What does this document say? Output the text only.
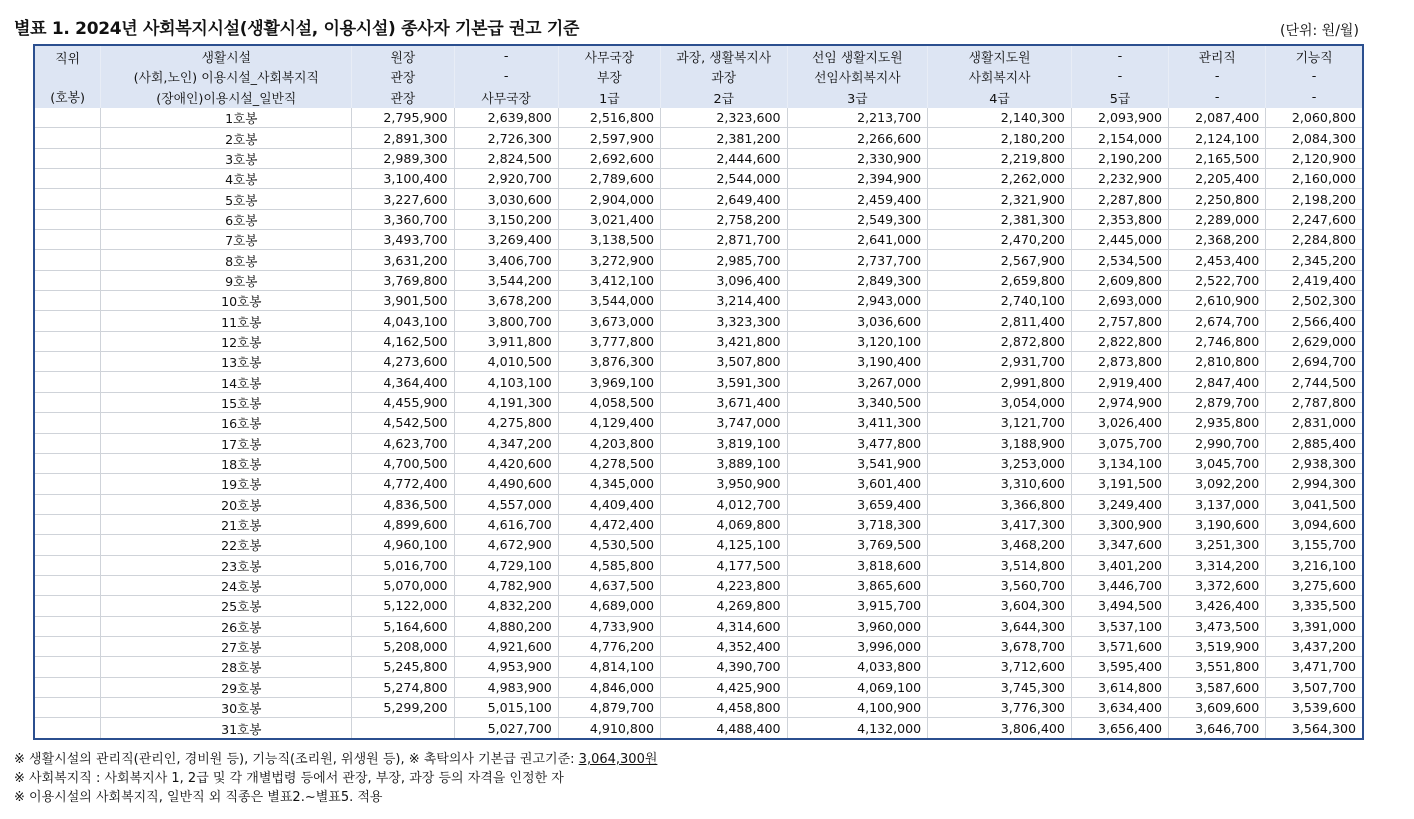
별표 1. 2024년 사회복지시설(생활시설, 이용시설) 종사자 기본급 권고 기준	(단위: 원/월)
직위	생활시설	원장	-	사무국장	과장, 생활복지사	선임 생활지도원	생활지도원	-	관리직	기능직
	(사회,노인) 이용시설_사회복지직	관장	-	부장	과장	선임사회복지사	사회복지사	-	-	-
(호봉)	(장애인)이용시설_일반직	관장	사무국장	1급	2급	3급	4급	5급	-	-
	1호봉	2,795,900	2,639,800	2,516,800	2,323,600	2,213,700	2,140,300	2,093,900	2,087,400	2,060,800
	2호봉	2,891,300	2,726,300	2,597,900	2,381,200	2,266,600	2,180,200	2,154,000	2,124,100	2,084,300
	3호봉	2,989,300	2,824,500	2,692,600	2,444,600	2,330,900	2,219,800	2,190,200	2,165,500	2,120,900
	4호봉	3,100,400	2,920,700	2,789,600	2,544,000	2,394,900	2,262,000	2,232,900	2,205,400	2,160,000
	5호봉	3,227,600	3,030,600	2,904,000	2,649,400	2,459,400	2,321,900	2,287,800	2,250,800	2,198,200
	6호봉	3,360,700	3,150,200	3,021,400	2,758,200	2,549,300	2,381,300	2,353,800	2,289,000	2,247,600
	7호봉	3,493,700	3,269,400	3,138,500	2,871,700	2,641,000	2,470,200	2,445,000	2,368,200	2,284,800
	8호봉	3,631,200	3,406,700	3,272,900	2,985,700	2,737,700	2,567,900	2,534,500	2,453,400	2,345,200
	9호봉	3,769,800	3,544,200	3,412,100	3,096,400	2,849,300	2,659,800	2,609,800	2,522,700	2,419,400
	10호봉	3,901,500	3,678,200	3,544,000	3,214,400	2,943,000	2,740,100	2,693,000	2,610,900	2,502,300
	11호봉	4,043,100	3,800,700	3,673,000	3,323,300	3,036,600	2,811,400	2,757,800	2,674,700	2,566,400
	12호봉	4,162,500	3,911,800	3,777,800	3,421,800	3,120,100	2,872,800	2,822,800	2,746,800	2,629,000
	13호봉	4,273,600	4,010,500	3,876,300	3,507,800	3,190,400	2,931,700	2,873,800	2,810,800	2,694,700
	14호봉	4,364,400	4,103,100	3,969,100	3,591,300	3,267,000	2,991,800	2,919,400	2,847,400	2,744,500
	15호봉	4,455,900	4,191,300	4,058,500	3,671,400	3,340,500	3,054,000	2,974,900	2,879,700	2,787,800
	16호봉	4,542,500	4,275,800	4,129,400	3,747,000	3,411,300	3,121,700	3,026,400	2,935,800	2,831,000
	17호봉	4,623,700	4,347,200	4,203,800	3,819,100	3,477,800	3,188,900	3,075,700	2,990,700	2,885,400
	18호봉	4,700,500	4,420,600	4,278,500	3,889,100	3,541,900	3,253,000	3,134,100	3,045,700	2,938,300
	19호봉	4,772,400	4,490,600	4,345,000	3,950,900	3,601,400	3,310,600	3,191,500	3,092,200	2,994,300
	20호봉	4,836,500	4,557,000	4,409,400	4,012,700	3,659,400	3,366,800	3,249,400	3,137,000	3,041,500
	21호봉	4,899,600	4,616,700	4,472,400	4,069,800	3,718,300	3,417,300	3,300,900	3,190,600	3,094,600
	22호봉	4,960,100	4,672,900	4,530,500	4,125,100	3,769,500	3,468,200	3,347,600	3,251,300	3,155,700
	23호봉	5,016,700	4,729,100	4,585,800	4,177,500	3,818,600	3,514,800	3,401,200	3,314,200	3,216,100
	24호봉	5,070,000	4,782,900	4,637,500	4,223,800	3,865,600	3,560,700	3,446,700	3,372,600	3,275,600
	25호봉	5,122,000	4,832,200	4,689,000	4,269,800	3,915,700	3,604,300	3,494,500	3,426,400	3,335,500
	26호봉	5,164,600	4,880,200	4,733,900	4,314,600	3,960,000	3,644,300	3,537,100	3,473,500	3,391,000
	27호봉	5,208,000	4,921,600	4,776,200	4,352,400	3,996,000	3,678,700	3,571,600	3,519,900	3,437,200
	28호봉	5,245,800	4,953,900	4,814,100	4,390,700	4,033,800	3,712,600	3,595,400	3,551,800	3,471,700
	29호봉	5,274,800	4,983,900	4,846,000	4,425,900	4,069,100	3,745,300	3,614,800	3,587,600	3,507,700
	30호봉	5,299,200	5,015,100	4,879,700	4,458,800	4,100,900	3,776,300	3,634,400	3,609,600	3,539,600
	31호봉		5,027,700	4,910,800	4,488,400	4,132,000	3,806,400	3,656,400	3,646,700	3,564,300
※ 생활시설의 관리직(관리인, 경비원 등), 기능직(조리원, 위생원 등), ※ 촉탁의사 기본급 권고기준: 3,064,300원
※ 사회복지직 : 사회복지사 1, 2급 및 각 개별법령 등에서 관장, 부장, 과장 등의 자격을 인정한 자
※ 이용시설의 사회복지직, 일반직 외 직종은 별표2.~별표5. 적용
